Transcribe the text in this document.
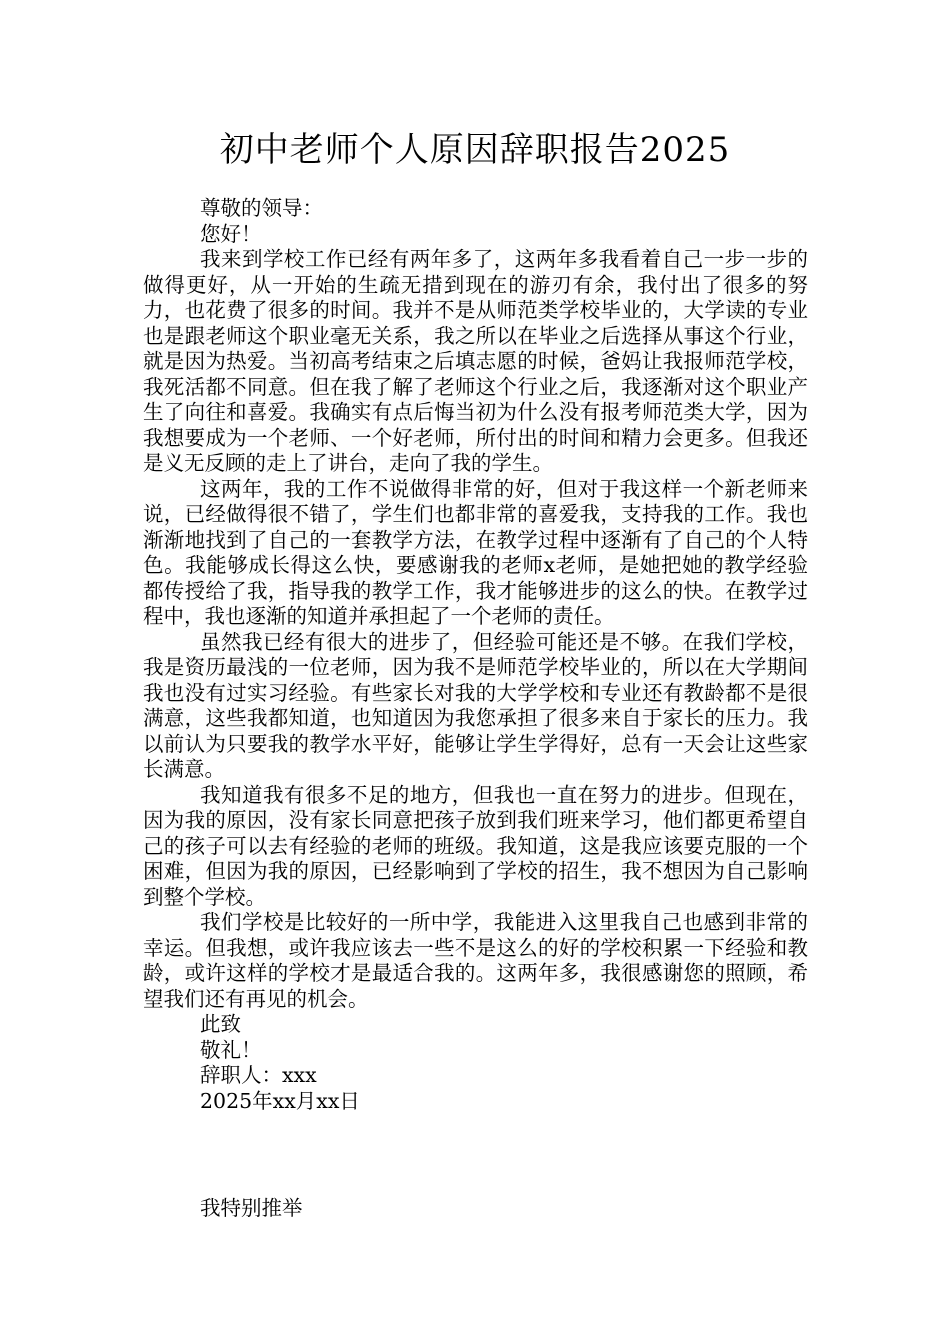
初中老师个人原因辞职报告2025
尊敬的领导：
您好！
我来到学校工作已经有两年多了，这两年多我看着自己一步一步的做得更好，从一开始的生疏无措到现在的游刃有余，我付出了很多的努力，也花费了很多的时间。我并不是从师范类学校毕业的，大学读的专业也是跟老师这个职业毫无关系，我之所以在毕业之后选择从事这个行业，就是因为热爱。当初高考结束之后填志愿的时候，爸妈让我报师范学校，我死活都不同意。但在我了解了老师这个行业之后，我逐渐对这个职业产生了向往和喜爱。我确实有点后悔当初为什么没有报考师范类大学，因为我想要成为一个老师、一个好老师，所付出的时间和精力会更多。但我还是义无反顾的走上了讲台，走向了我的学生。
这两年，我的工作不说做得非常的好，但对于我这样一个新老师来说，已经做得很不错了，学生们也都非常的喜爱我，支持我的工作。我也渐渐地找到了自己的一套教学方法，在教学过程中逐渐有了自己的个人特色。我能够成长得这么快，要感谢我的老师x老师，是她把她的教学经验都传授给了我，指导我的教学工作，我才能够进步的这么的快。在教学过程中，我也逐渐的知道并承担起了一个老师的责任。
虽然我已经有很大的进步了，但经验可能还是不够。在我们学校，我是资历最浅的一位老师，因为我不是师范学校毕业的，所以在大学期间我也没有过实习经验。有些家长对我的大学学校和专业还有教龄都不是很满意，这些我都知道，也知道因为我您承担了很多来自于家长的压力。我以前认为只要我的教学水平好，能够让学生学得好，总有一天会让这些家长满意。
我知道我有很多不足的地方，但我也一直在努力的进步。但现在，因为我的原因，没有家长同意把孩子放到我们班来学习，他们都更希望自己的孩子可以去有经验的老师的班级。我知道，这是我应该要克服的一个困难，但因为我的原因，已经影响到了学校的招生，我不想因为自己影响到整个学校。
我们学校是比较好的一所中学，我能进入这里我自己也感到非常的幸运。但我想，或许我应该去一些不是这么的好的学校积累一下经验和教龄，或许这样的学校才是最适合我的。这两年多，我很感谢您的照顾，希望我们还有再见的机会。
此致
敬礼！
辞职人：xxx
2025年xx月xx日
我特别推举
